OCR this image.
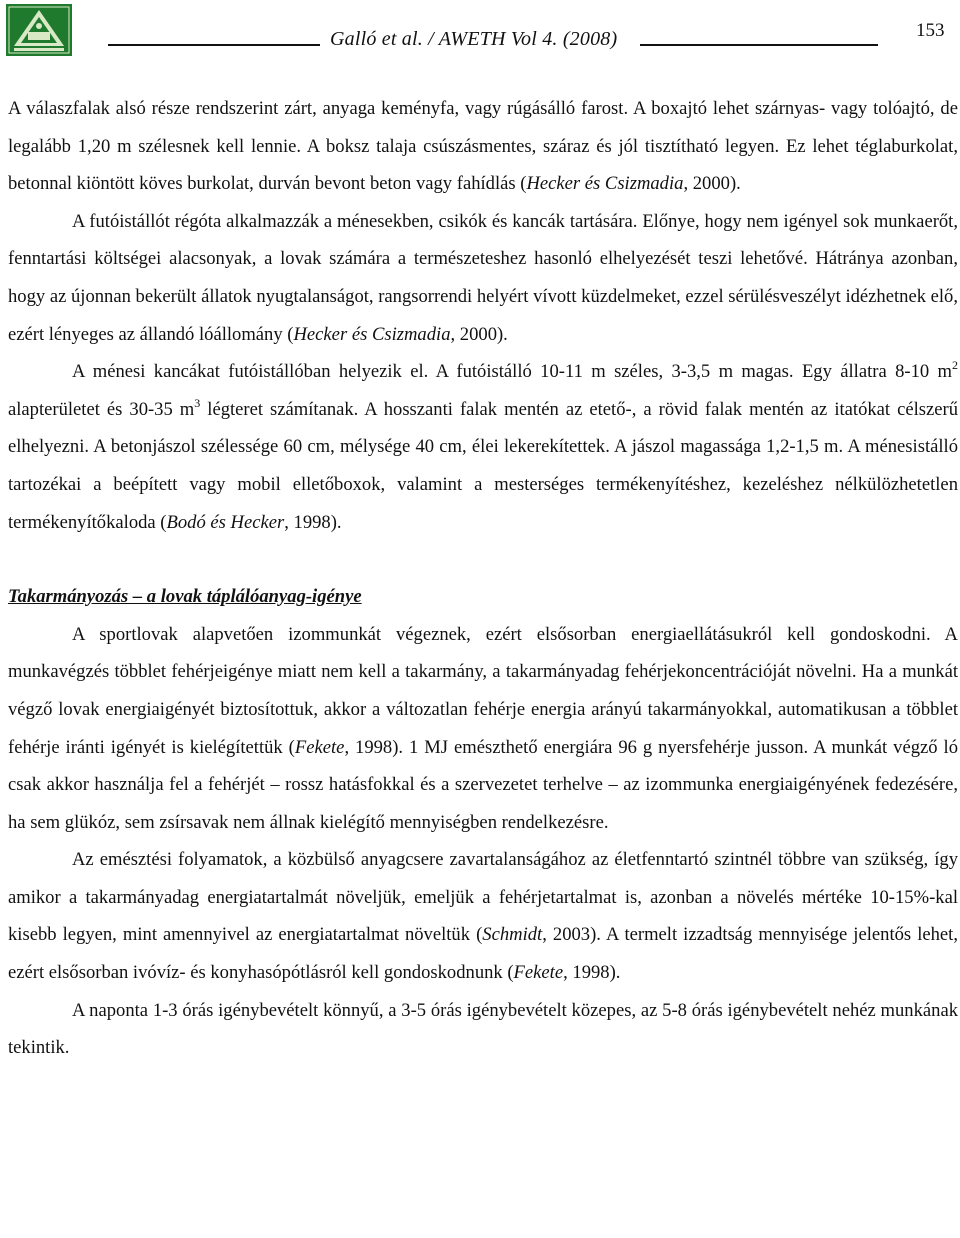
Galló et al. / AWETH Vol 4. (2008)	153

A válaszfalak alsó része rendszerint zárt, anyaga keményfa, vagy rúgásálló farost. A boxajtó lehet szárnyas- vagy tolóajtó, de legalább 1,20 m szélesnek kell lennie. A boksz talaja csúszásmentes, száraz és jól tisztítható legyen. Ez lehet téglaburkolat, betonnal kiöntött köves burkolat, durván bevont beton vagy fahídlás (Hecker és Csizmadia, 2000).

A futóistállót régóta alkalmazzák a ménesekben, csikók és kancák tartására. Előnye, hogy nem igényel sok munkaerőt, fenntartási költségei alacsonyak, a lovak számára a természeteshez hasonló elhelyezését teszi lehetővé. Hátránya azonban, hogy az újonnan bekerült állatok nyugtalanságot, rangsorrendi helyért vívott küzdelmeket, ezzel sérülésveszélyt idézhetnek elő, ezért lényeges az állandó lóállomány (Hecker és Csizmadia, 2000).

A ménesi kancákat futóistállóban helyezik el. A futóistálló 10-11 m széles, 3-3,5 m magas. Egy állatra 8-10 $m^2$ alapterületet és 30-35 $m^3$ légteret számítanak. A hosszanti falak mentén az etető-, a rövid falak mentén az itatókat célszerű elhelyezni. A betonjászol szélessége 60 cm, mélysége 40 cm, élei lekerekítettek. A jászol magassága 1,2-1,5 m. A ménesistálló tartozékai a beépített vagy mobil elletőboxok, valamint a mesterséges termékenyítéshez, kezeléshez nélkülözhetetlen termékenyítőkaloda (Bodó és Hecker, 1998).

Takarmányozás – a lovak táplálóanyag-igénye

A sportlovak alapvetően izommunkát végeznek, ezért elsősorban energiaellátásukról kell gondoskodni. A munkavégzés többlet fehérjeigénye miatt nem kell a takarmány, a takarmányadag fehérjekoncentrációját növelni. Ha a munkát végző lovak energiaigényét biztosítottuk, akkor a változatlan fehérje energia arányú takarmányokkal, automatikusan a többlet fehérje iránti igényét is kielégítettük (Fekete, 1998). 1 MJ emészthető energiára 96 g nyersfehérje jusson. A munkát végző ló csak akkor használja fel a fehérjét – rossz hatásfokkal és a szervezetet terhelve – az izommunka energiaigényének fedezésére, ha sem glükóz, sem zsírsavak nem állnak kielégítő mennyiségben rendelkezésre.

Az emésztési folyamatok, a közbülső anyagcsere zavartalanságához az életfenntartó szintnél többre van szükség, így amikor a takarmányadag energiatartalmát növeljük, emeljük a fehérjetartalmat is, azonban a növelés mértéke 10-15%-kal kisebb legyen, mint amennyivel az energiatartalmat növeltük (Schmidt, 2003). A termelt izzadtság mennyisége jelentős lehet, ezért elsősorban ivóvíz- és konyhasópótlásról kell gondoskodnunk (Fekete, 1998).

A naponta 1-3 órás igénybevételt könnyű, a 3-5 órás igénybevételt közepes, az 5-8 órás igénybevételt nehéz munkának tekintik.
